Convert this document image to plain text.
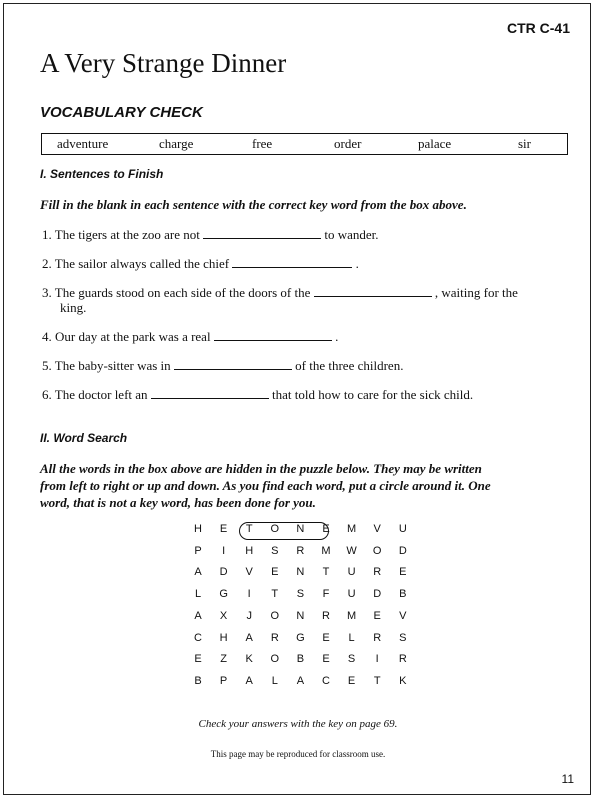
CTR C-41
A Very Strange Dinner
VOCABULARY CHECK
adventure	charge	free	order	palace	sir
I. Sentences to Finish
Fill in the blank in each sentence with the correct key word from the box above.
1. The tigers at the zoo are not	to wander.
2. The sailor always called the chief	.
3. The guards stood on each side of the doors of the	, waiting for the
king.
4. Our day at the park was a real	.
5. The baby-sitter was in	of the three children.
6. The doctor left an	that told how to care for the sick child.
II. Word Search
All the words in the box above are hidden in the puzzle below. They may be written
from left to right or up and down. As you find each word, put a circle around it. One
word, that is not a key word, has been done for you.
H	E	T	O N	E	M	V	U
P	I	H	S	R M W O D
A	D	V	E	N	T	U R	E
L	G	I	T	S	F	U D	B
A	X	J	O N R M	E	V
C H	A	R G	E	L	R	S
E	Z	K	O	B	E	S	I	R
B	P	A	L	A	C	E	T	K
Check your answers with the key on page 69.
This page may be reproduced for classroom use.
11
